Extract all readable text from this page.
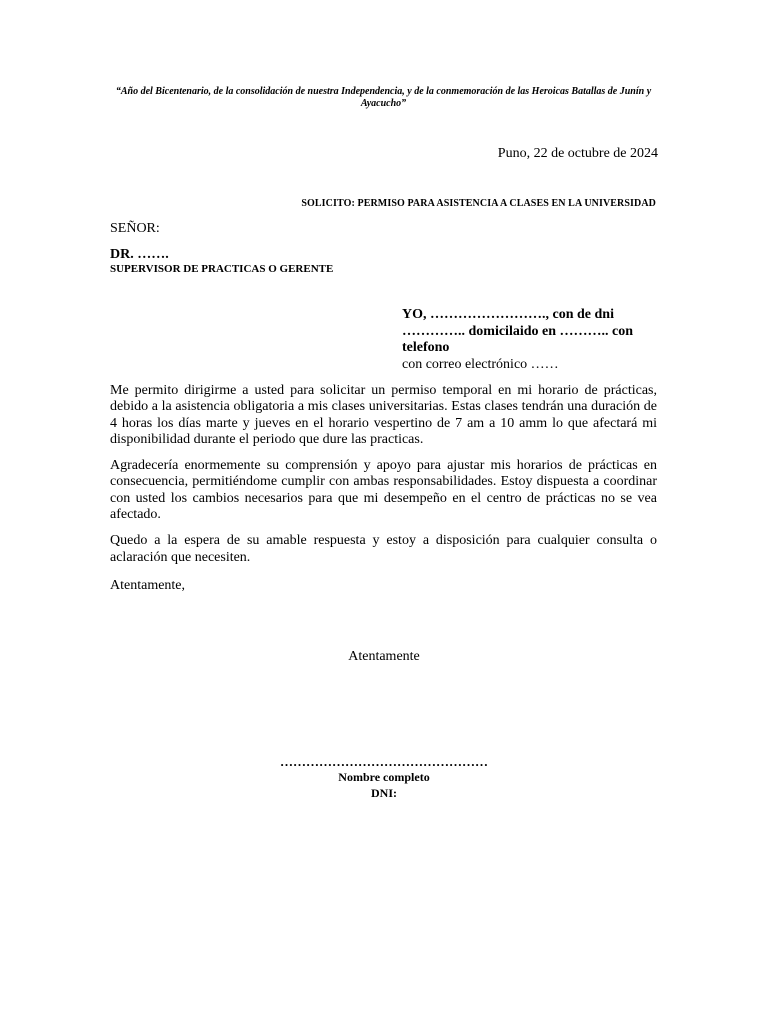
“Año del Bicentenario, de la consolidación de nuestra Independencia, y de la conmemoración de las Heroicas Batallas de Junín y Ayacucho”
Puno, 22 de octubre de 2024
SOLICITO: PERMISO PARA ASISTENCIA A CLASES EN LA UNIVERSIDAD
SEÑOR:
DR. …….
SUPERVISOR DE PRACTICAS O GERENTE
YO, ……………………., con de dni ………….. domicilaido en ……….. con telefono
con correo electrónico ……

Me permito dirigirme a usted para solicitar un permiso temporal en mi horario de prácticas, debido a la asistencia obligatoria a mis clases universitarias. Estas clases tendrán una duración de 4 horas los días marte y jueves en el horario vespertino de 7 am a 10 amm lo que afectará mi disponibilidad durante el periodo que dure las practicas.

Agradecería enormemente su comprensión y apoyo para ajustar mis horarios de prácticas en consecuencia, permitiéndome cumplir con ambas responsabilidades. Estoy dispuesta a coordinar con usted los cambios necesarios para que mi desempeño en el centro de prácticas no se vea afectado.

Quedo a la espera de su amable respuesta y estoy a disposición para cualquier consulta o aclaración que necesiten.

Atentamente,
Atentamente
…………………………………………
Nombre completo
DNI:
